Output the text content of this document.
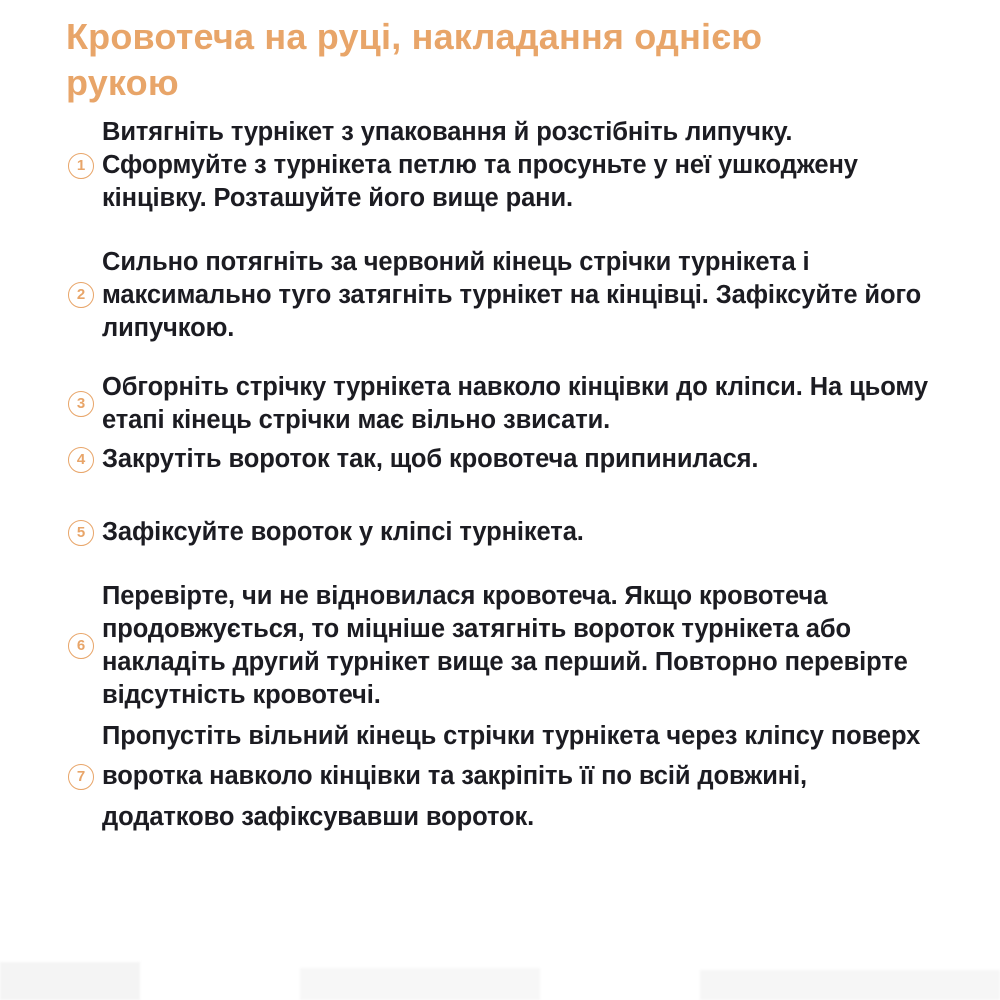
Кровотеча на руці, накладання однією рукою
1
Витягніть турнікет з упаковання й розстібніть липучку. Сформуйте з турнікета петлю та просуньте у неї ушкоджену кінцівку. Розташуйте його вище рани.
2
Сильно потягніть за червоний кінець стрічки турнікета і максимально туго затягніть турнікет на кінцівці. Зафіксуйте його липучкою.
3
Обгорніть стрічку турнікета навколо кінцівки до кліпси. На цьому етапі кінець стрічки має вільно звисати.
4 Закрутіть вороток так, щоб кровотеча припинилася.
5 Зафіксуйте вороток у кліпсі турнікета.
6
Перевірте, чи не відновилася кровотеча. Якщо кровотеча продовжується, то міцніше затягніть вороток турнікета або накладіть другий турнікет вище за перший. Повторно перевірте відсутність кровотечі.
7
Пропустіть вільний кінець стрічки турнікета через кліпсу поверх воротка навколо кінцівки та закріпіть її по всій довжині, додатково зафіксувавши вороток.
